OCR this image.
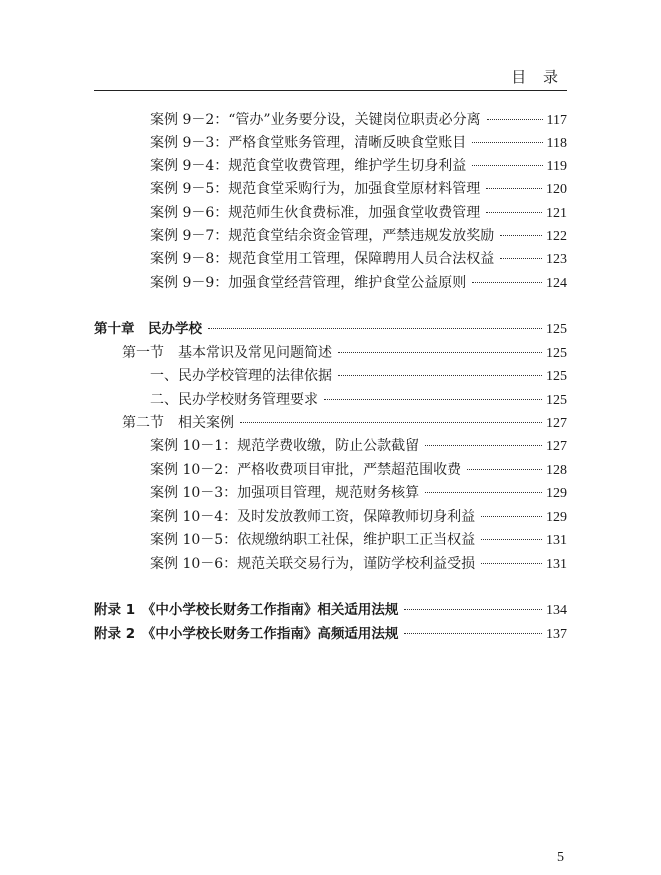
目 录
案例 9－2：“管办”业务要分设，关键岗位职责必分离	117
案例 9－3：严格食堂账务管理，清晰反映食堂账目	118
案例 9－4：规范食堂收费管理，维护学生切身利益	119
案例 9－5：规范食堂采购行为，加强食堂原材料管理	120
案例 9－6：规范师生伙食费标准，加强食堂收费管理	121
案例 9－7：规范食堂结余资金管理，严禁违规发放奖励	122
案例 9－8：规范食堂用工管理，保障聘用人员合法权益	123
案例 9－9：加强食堂经营管理，维护食堂公益原则	124
第十章　民办学校	125
第一节　基本常识及常见问题简述	125
一、民办学校管理的法律依据	125
二、民办学校财务管理要求	125
第二节　相关案例	127
案例 10－1：规范学费收缴，防止公款截留	127
案例 10－2：严格收费项目审批，严禁超范围收费	128
案例 10－3：加强项目管理，规范财务核算	129
案例 10－4：及时发放教师工资，保障教师切身利益	129
案例 10－5：依规缴纳职工社保，维护职工正当权益	131
案例 10－6：规范关联交易行为，谨防学校利益受损	131
附录 1　《中小学校长财务工作指南》相关适用法规	134
附录 2　《中小学校长财务工作指南》高频适用法规	137
5
